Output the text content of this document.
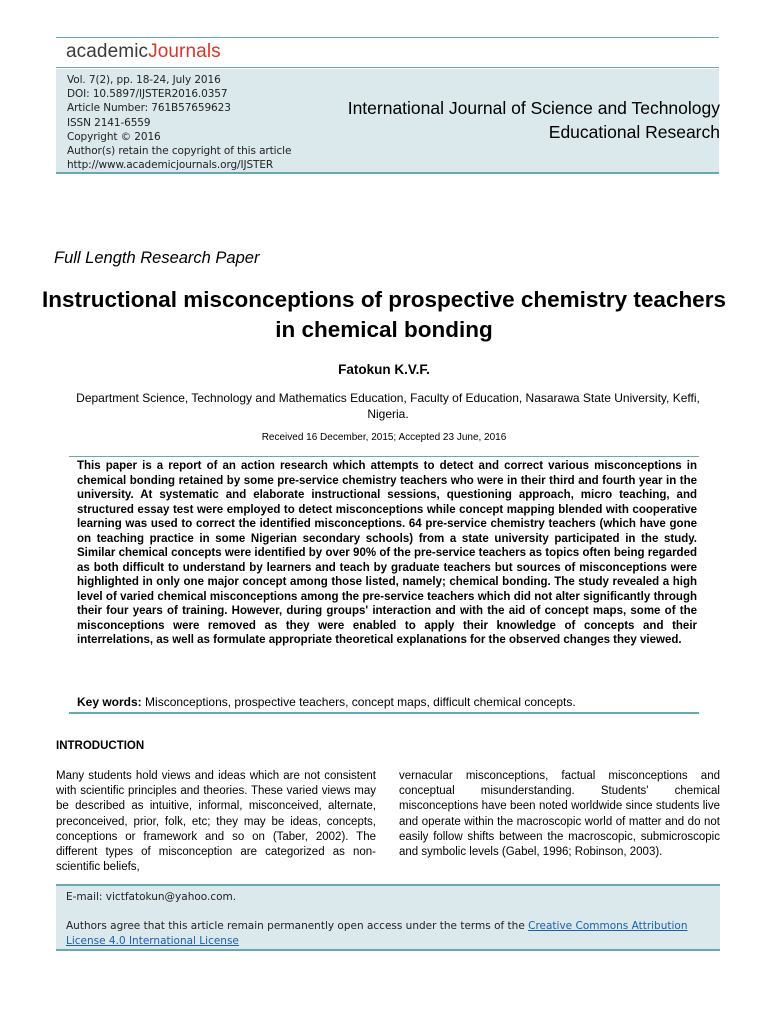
academicJournals
Vol. 7(2), pp. 18-24, July 2016
DOI: 10.5897/IJSTER2016.0357
Article Number: 761B57659623
ISSN 2141-6559
Copyright © 2016
Author(s) retain the copyright of this article
http://www.academicjournals.org/IJSTER
International Journal of Science and Technology
Educational Research
Full Length Research Paper
Instructional misconceptions of prospective chemistry teachers in chemical bonding
Fatokun K.V.F.
Department Science, Technology and Mathematics Education, Faculty of Education, Nasarawa State University, Keffi, Nigeria.
Received 16 December, 2015; Accepted 23 June, 2016
This paper is a report of an action research which attempts to detect and correct various misconceptions in chemical bonding retained by some pre-service chemistry teachers who were in their third and fourth year in the university. At systematic and elaborate instructional sessions, questioning approach, micro teaching, and structured essay test were employed to detect misconceptions while concept mapping blended with cooperative learning was used to correct the identified misconceptions. 64 pre-service chemistry teachers (which have gone on teaching practice in some Nigerian secondary schools) from a state university participated in the study. Similar chemical concepts were identified by over 90% of the pre-service teachers as topics often being regarded as both difficult to understand by learners and teach by graduate teachers but sources of misconceptions were highlighted in only one major concept among those listed, namely; chemical bonding. The study revealed a high level of varied chemical misconceptions among the pre-service teachers which did not alter significantly through their four years of training. However, during groups' interaction and with the aid of concept maps, some of the misconceptions were removed as they were enabled to apply their knowledge of concepts and their interrelations, as well as formulate appropriate theoretical explanations for the observed changes they viewed.
Key words: Misconceptions, prospective teachers, concept maps, difficult chemical concepts.
INTRODUCTION
Many students hold views and ideas which are not consistent with scientific principles and theories. These varied views may be described as intuitive, informal, misconceived, alternate, preconceived, prior, folk, etc; they may be ideas, concepts, conceptions or framework and so on (Taber, 2002). The different types of misconception are categorized as non-scientific beliefs,
vernacular misconceptions, factual misconceptions and conceptual misunderstanding. Students' chemical misconceptions have been noted worldwide since students live and operate within the macroscopic world of matter and do not easily follow shifts between the macroscopic, submicroscopic and symbolic levels (Gabel, 1996; Robinson, 2003).
E-mail: victfatokun@yahoo.com.
Authors agree that this article remain permanently open access under the terms of the Creative Commons Attribution License 4.0 International License
